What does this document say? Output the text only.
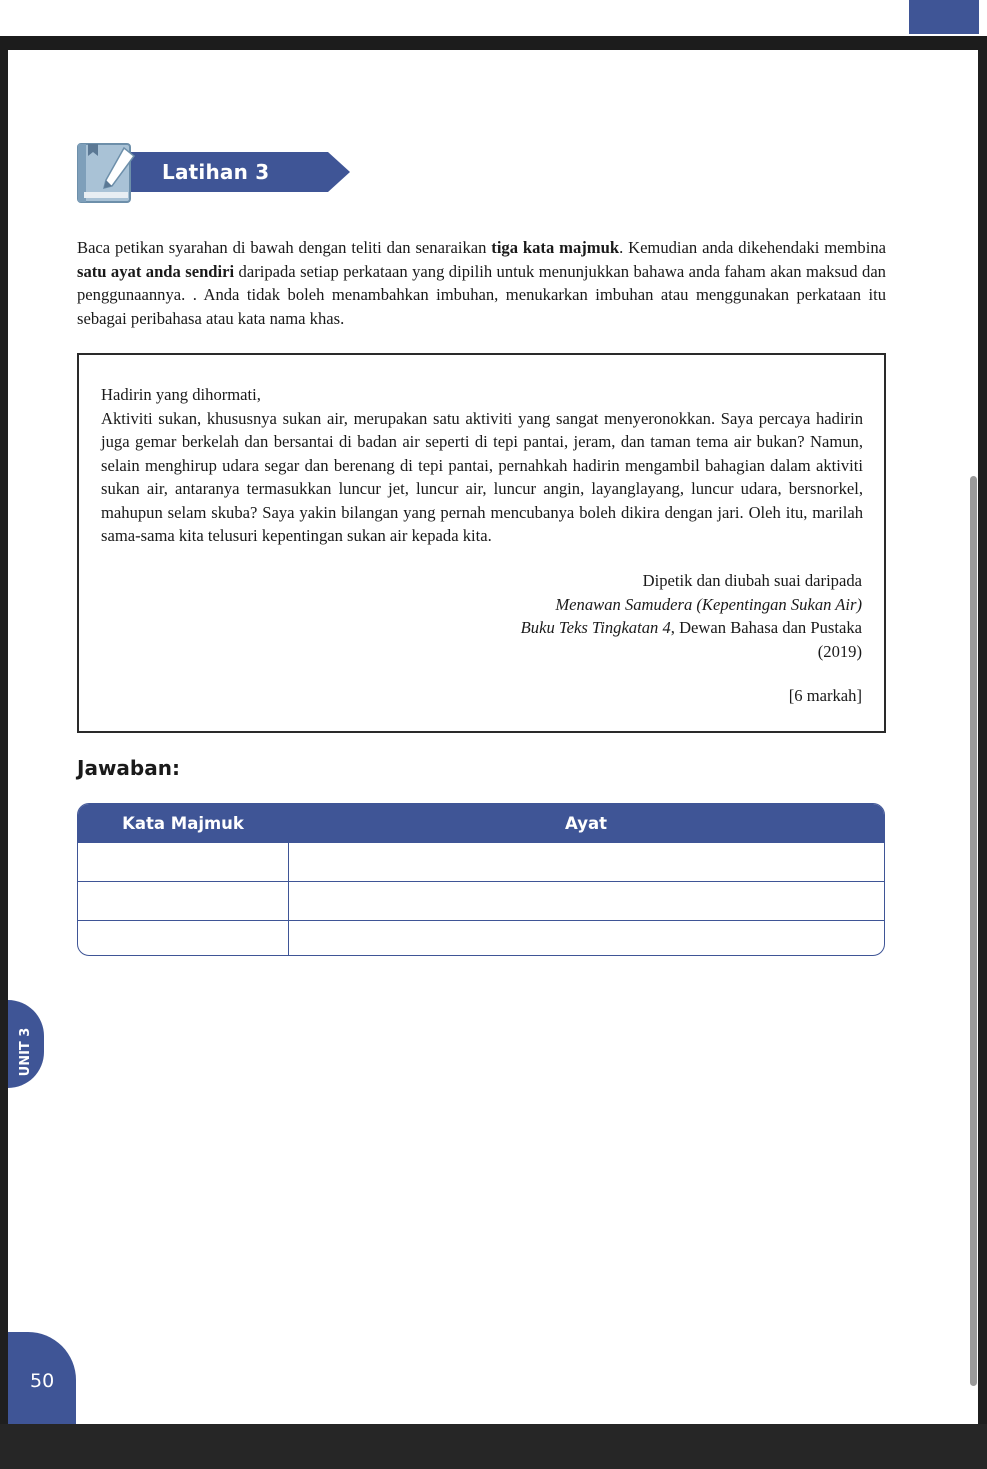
Latihan 3

Baca petikan syarahan di bawah dengan teliti dan senaraikan tiga kata majmuk. Kemudian anda dikehendaki membina satu ayat anda sendiri daripada setiap perkataan yang dipilih untuk menunjukkan bahawa anda faham akan maksud dan penggunaannya. . Anda tidak boleh menambahkan imbuhan, menukarkan imbuhan atau menggunakan perkataan itu sebagai peribahasa atau kata nama khas.

Hadirin yang dihormati,

Aktiviti sukan, khususnya sukan air, merupakan satu aktiviti yang sangat menyeronokkan. Saya percaya hadirin juga gemar berkelah dan bersantai di badan air seperti di tepi pantai, jeram, dan taman tema air bukan? Namun, selain menghirup udara segar dan berenang di tepi pantai, pernahkah hadirin mengambil bahagian dalam aktiviti sukan air, antaranya termasukkan luncur jet, luncur air, luncur angin, layanglayang, luncur udara, bersnorkel, mahupun selam skuba? Saya yakin bilangan yang pernah mencubanya boleh dikira dengan jari. Oleh itu, marilah sama-sama kita telusuri kepentingan sukan air kepada kita.

Dipetik dan diubah suai daripada
Menawan Samudera (Kepentingan Sukan Air)
Buku Teks Tingkatan 4, Dewan Bahasa dan Pustaka
(2019)
[6 markah]
Jawaban:
Kata Majmuk	Ayat
UNIT 3
50
